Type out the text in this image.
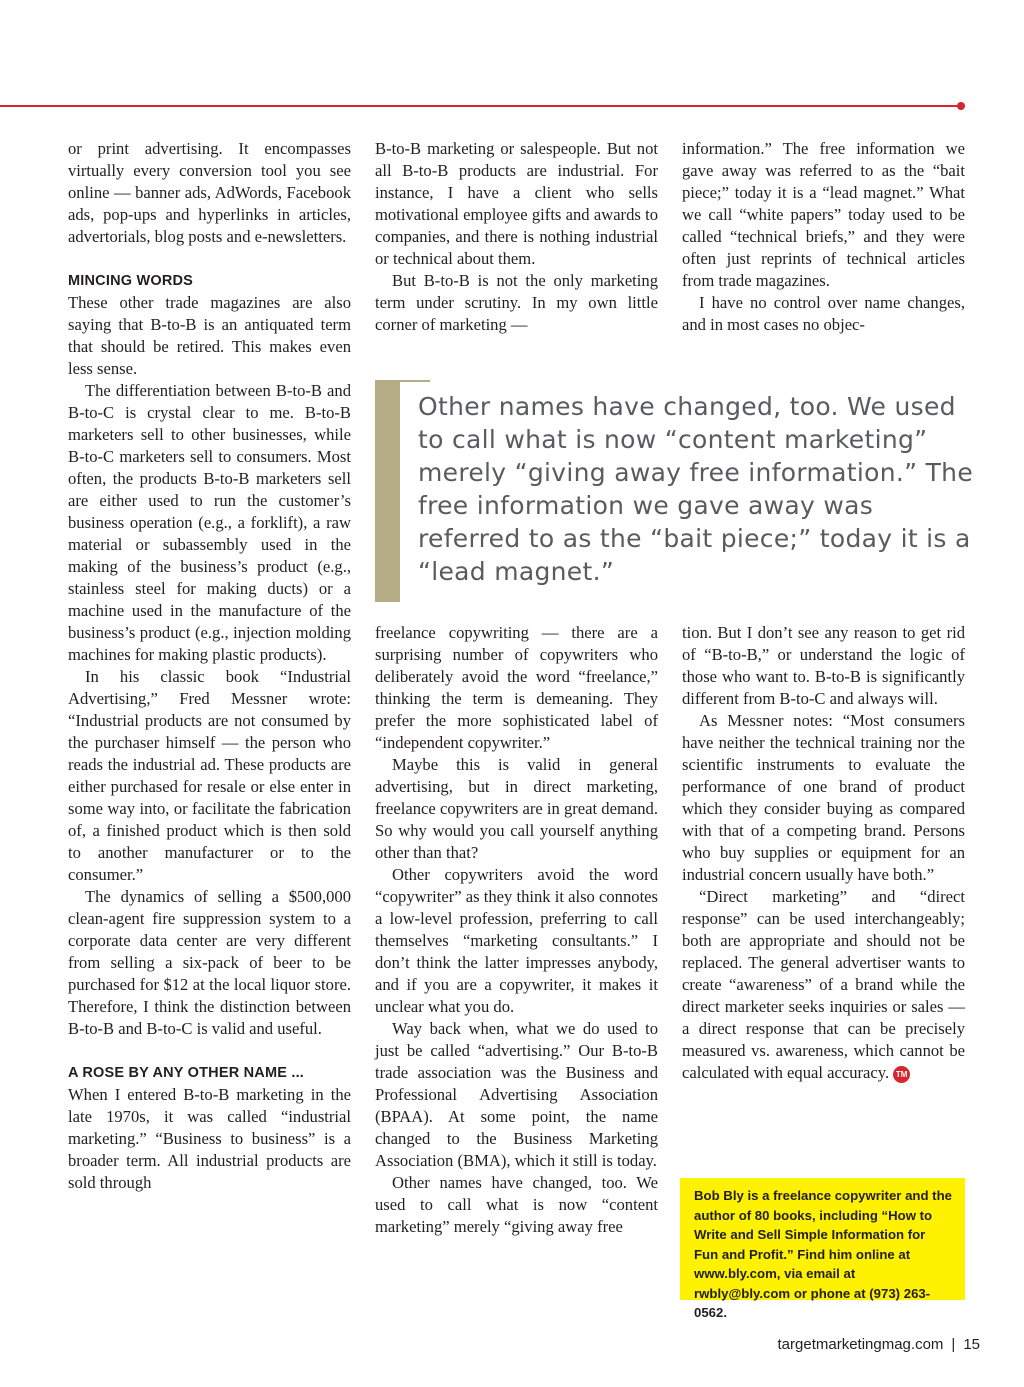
or print advertising. It encompasses virtually every conversion tool you see online — banner ads, AdWords, Facebook ads, pop-ups and hyperlinks in articles, advertorials, blog posts and e-newsletters.

MINCING WORDS

These other trade magazines are also saying that B-to-B is an antiquated term that should be retired. This makes even less sense.

The differentiation between B-to-B and B-to-C is crystal clear to me. B-to-B marketers sell to other businesses, while B-to-C marketers sell to consumers. Most often, the products B-to-B marketers sell are either used to run the customer’s business operation (e.g., a forklift), a raw material or subassembly used in the making of the business’s product (e.g., stainless steel for making ducts) or a machine used in the manufacture of the business’s product (e.g., injection molding machines for making plastic products).

In his classic book “Industrial Advertising,” Fred Messner wrote: “Industrial products are not consumed by the purchaser himself — the person who reads the industrial ad. These products are either purchased for resale or else enter in some way into, or facilitate the fabrication of, a finished product which is then sold to another manufacturer or to the consumer.”

The dynamics of selling a $500,000 clean-agent fire suppression system to a corporate data center are very different from selling a six-pack of beer to be purchased for $12 at the local liquor store. Therefore, I think the distinction between B-to-B and B-to-C is valid and useful.

A ROSE BY ANY OTHER NAME ...

When I entered B-to-B marketing in the late 1970s, it was called “industrial marketing.” “Business to business” is a broader term. All industrial products are sold through

B-to-B marketing or salespeople. But not all B-to-B products are industrial. For instance, I have a client who sells motivational employee gifts and awards to companies, and there is nothing industrial or technical about them.

But B-to-B is not the only marketing term under scrutiny. In my own little corner of marketing —

information.” The free information we gave away was referred to as the “bait piece;” today it is a “lead magnet.” What we call “white papers” today used to be called “technical briefs,” and they were often just reprints of technical articles from trade magazines.

I have no control over name changes, and in most cases no objec-

Other names have changed, too. We used to call what is now “content marketing” merely “giving away free information.” The free information we gave away was referred to as the “bait piece;” today it is a “lead magnet.”

freelance copywriting — there are a surprising number of copywriters who deliberately avoid the word “freelance,” thinking the term is demeaning. They prefer the more sophisticated label of “independent copywriter.”

Maybe this is valid in general advertising, but in direct marketing, freelance copywriters are in great demand. So why would you call yourself anything other than that?

Other copywriters avoid the word “copywriter” as they think it also connotes a low-level profession, preferring to call themselves “marketing consultants.” I don’t think the latter impresses anybody, and if you are a copywriter, it makes it unclear what you do.

Way back when, what we do used to just be called “advertising.” Our B-to-B trade association was the Business and Professional Advertising Association (BPAA). At some point, the name changed to the Business Marketing Association (BMA), which it still is today.

Other names have changed, too. We used to call what is now “content marketing” merely “giving away free

tion. But I don’t see any reason to get rid of “B-to-B,” or understand the logic of those who want to. B-to-B is significantly different from B-to-C and always will.

As Messner notes: “Most consumers have neither the technical training nor the scientific instruments to evaluate the performance of one brand of product which they consider buying as compared with that of a competing brand. Persons who buy supplies or equipment for an industrial concern usually have both.”

“Direct marketing” and “direct response” can be used interchangeably; both are appropriate and should not be replaced. The general advertiser wants to create “awareness” of a brand while the direct marketer seeks inquiries or sales — a direct response that can be precisely measured vs. awareness, which cannot be calculated with equal accuracy. TM

Bob Bly is a freelance copywriter and the author of 80 books, including “How to Write and Sell Simple Information for Fun and Profit.” Find him online at www.bly.com, via email at rwbly@bly.com or phone at (973) 263-0562.
targetmarketingmag.com | 15
